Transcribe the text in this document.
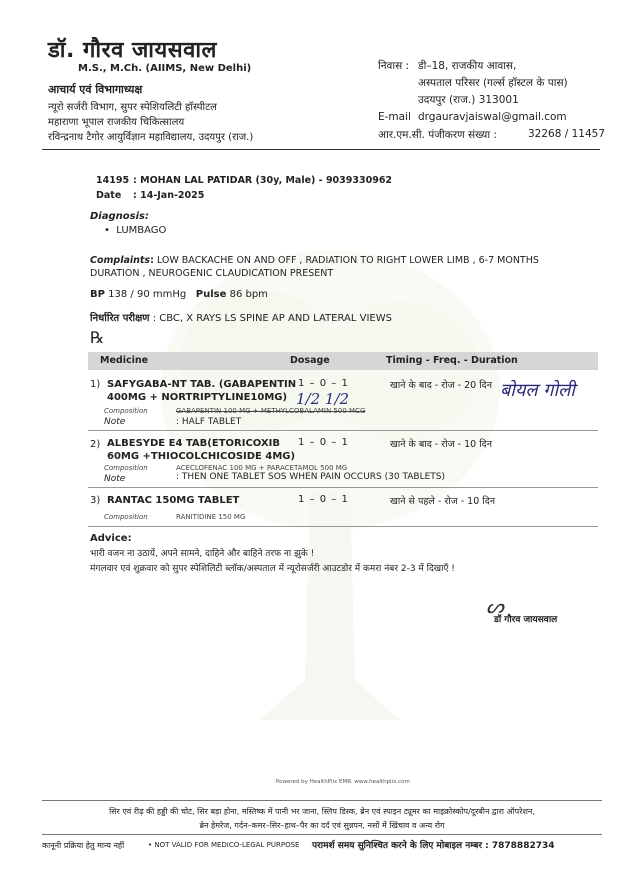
डॉ. गौरव जायसवाल
M.S., M.Ch. (AIIMS, New Delhi)
आचार्य एवं विभागाध्यक्ष
न्यूरो सर्जरी विभाग, सुपर स्पेशियलिटी हॉस्पीटल
महाराणा भूपाल राजकीय चिकित्सालय
रविन्द्रनाथ टैगोर आयुर्विज्ञान महाविद्यालय, उदयपुर (राज.)
निवास : डी–18, राजकीय आवास,
अस्पताल परिसर (गर्ल्स हॉस्टल के पास)
उदयपुर (राज.) 313001
E-mail drgauravjaiswal@gmail.com
आर.एम.सी. पंजीकरण संख्या :	32268 / 11457
14195 : MOHAN LAL PATIDAR (30y, Male) - 9039330962
Date : 14-Jan-2025
Diagnosis:
•  LUMBAGO
Complaints: LOW BACKACHE ON AND OFF , RADIATION TO RIGHT LOWER LIMB , 6-7 MONTHS
DURATION , NEUROGENIC CLAUDICATION PRESENT
BP 138 / 90 mmHg Pulse 86 bpm
निर्धारित परीक्षण : CBC, X RAYS LS SPINE AP AND LATERAL VIEWS
℞
Medicine	Dosage	Timing - Freq. - Duration
1) SAFYGABA-NT TAB. (GABAPENTIN
400MG + NORTRIPTYLINE10MG)
1 – 0 – 1	खाने के बाद - रोज - 20 दिन
1/2 1/2	बोयल गोली
Composition	GABAPENTIN 100 MG + METHYLCOBALAMIN 500 MCG
Note	: HALF TABLET
2) ALBESYDE E4 TAB(ETORICOXIB
60MG +THIOCOLCHICOSIDE 4MG)
1 – 0 – 1	खाने के बाद - रोज - 10 दिन
Composition	ACECLOFENAC 100 MG + PARACETAMOL 500 MG
Note	: THEN ONE TABLET SOS WHEN PAIN OCCURS (30 TABLETS)
3) RANTAC 150MG TABLET	1 – 0 – 1	खाने से पहले - रोज - 10 दिन
Composition	RANITIDINE 150 MG
Advice:
भारी वजन ना उठायें, अपने सामने, दाहिने और बाहिने तरफ ना झुके !
मंगलवार एवं शुक्रवार को सुपर स्पेशिलिटी ब्लॉक/अस्पताल में न्यूरोसर्जरी आउटडोर में कमरा नंबर 2-3 में दिखाएँ !
ᔕ
डॉ गौरव जायसवाल
Powered by HealthPlix EMR. www.healthplix.com
सिर एवं रीढ़ की हड्डी की चोट, सिर बड़ा होना, मस्तिष्क में पानी भर जाना, स्लिप डिस्क, ब्रेन एवं स्पाइन ट्यूमर का माइक्रोस्कोप/दूरबीन द्वारा ऑपरेशन,
ब्रेन हेमरेज, गर्दन–कमर–सिर–हाथ–पैर का दर्द एवं सुन्नपन, नसों में खिंचाव व अन्य रोग
कानूनी प्रक्रिया हेतु मान्य नहीं	• NOT VALID FOR MEDICO-LEGAL PURPOSE परामर्श समय सुनिश्चित करने के लिए मोबाइल नम्बर : 7878882734
